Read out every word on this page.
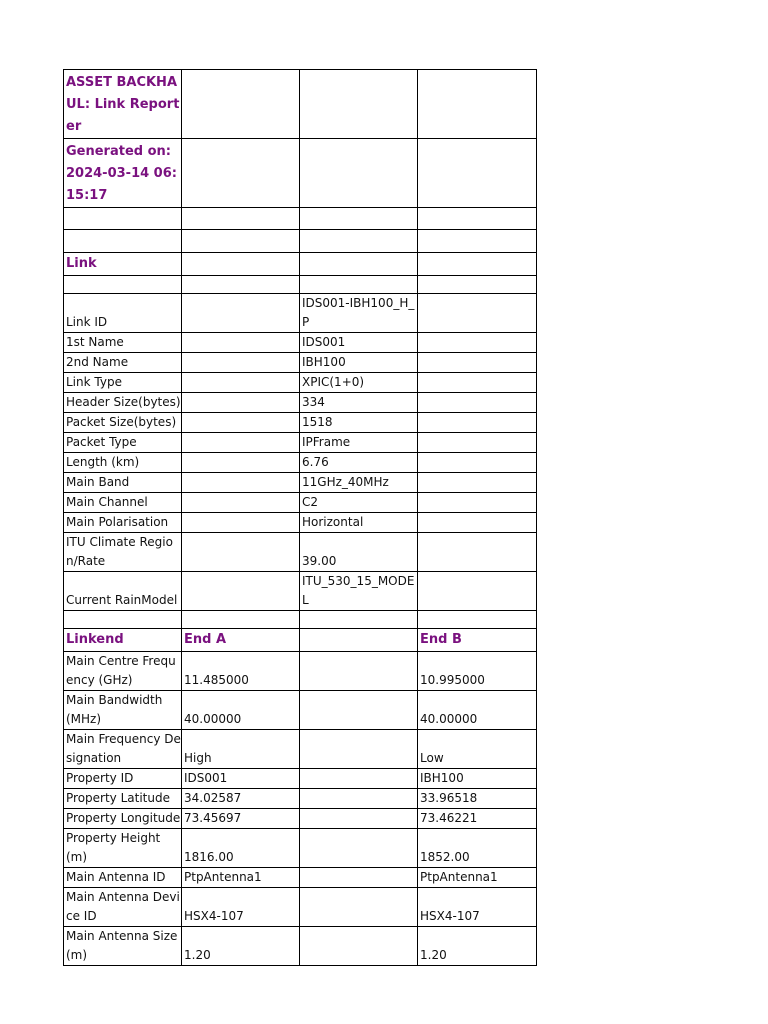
ASSET BACKHAUL: Link Reporter			

Generated on:
2024-03-14 06:15:17			

Link			

Link ID		IDS001-IBH100_H_P	
1st Name		IDS001	
2nd Name		IBH100	
Link Type		XPIC(1+0)	
Header Size(bytes)		334	
Packet Size(bytes)		1518	
Packet Type		IPFrame	
Length (km)		6.76	
Main Band		11GHz_40MHz	
Main Channel		C2	
Main Polarisation		Horizontal	
ITU Climate Region/Rate		39.00	
Current RainModel		ITU_530_15_MODEL	

Linkend	End A		End B
Main Centre Frequency (GHz)	11.485000		10.995000
Main Bandwidth (MHz)	40.00000		40.00000
Main Frequency Designation	High		Low
Property ID	IDS001		IBH100
Property Latitude	34.02587		33.96518
Property Longitude	73.45697		73.46221
Property Height (m)	1816.00		1852.00
Main Antenna ID	PtpAntenna1		PtpAntenna1
Main Antenna Device ID	HSX4-107		HSX4-107
Main Antenna Size (m)	1.20		1.20
